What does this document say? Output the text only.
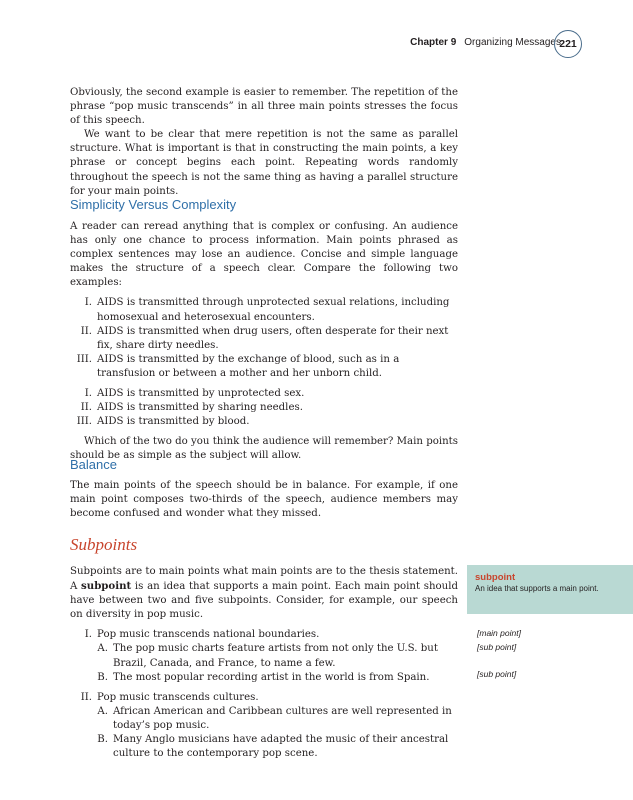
Chapter 9 Organizing Messages
221

Obviously, the second example is easier to remember. The repetition of the phrase “pop music transcends” in all three main points stresses the focus of this speech.

We want to be clear that mere repetition is not the same as parallel structure. What is important is that in constructing the main points, a key phrase or concept begins each point. Repeating words randomly throughout the speech is not the same thing as having a parallel structure for your main points.

Simplicity Versus Complexity

A reader can reread anything that is complex or confusing. An audience has only one chance to process information. Main points phrased as complex sentences may lose an audience. Concise and simple language makes the structure of a speech clear. Compare the following two examples:

I. AIDS is transmitted through unprotected sexual relations, including homosexual and heterosexual encounters.
II. AIDS is transmitted when drug users, often desperate for their next fix, share dirty needles.
III. AIDS is transmitted by the exchange of blood, such as in a transfusion or between a mother and her unborn child.
I. AIDS is transmitted by unprotected sex.
II. AIDS is transmitted by sharing needles.
III. AIDS is transmitted by blood.

Which of the two do you think the audience will remember? Main points should be as simple as the subject will allow.

Balance

The main points of the speech should be in balance. For example, if one main point composes two-thirds of the speech, audience members may become confused and wonder what they missed.

Subpoints

Subpoints are to main points what main points are to the thesis statement. A subpoint is an idea that supports a main point. Each main point should have between two and five subpoints. Consider, for example, our speech on diversity in pop music.

I. Pop music transcends national boundaries.
A. The pop music charts feature artists from not only the U.S. but Brazil, Canada, and France, to name a few.
B. The most popular recording artist in the world is from Spain.
II. Pop music transcends cultures.
A. African American and Caribbean cultures are well represented in today’s pop music.
B. Many Anglo musicians have adapted the music of their ancestral culture to the contemporary pop scene.
subpoint
An idea that supports a main point.
[main point]
[sub point]
[sub point]
